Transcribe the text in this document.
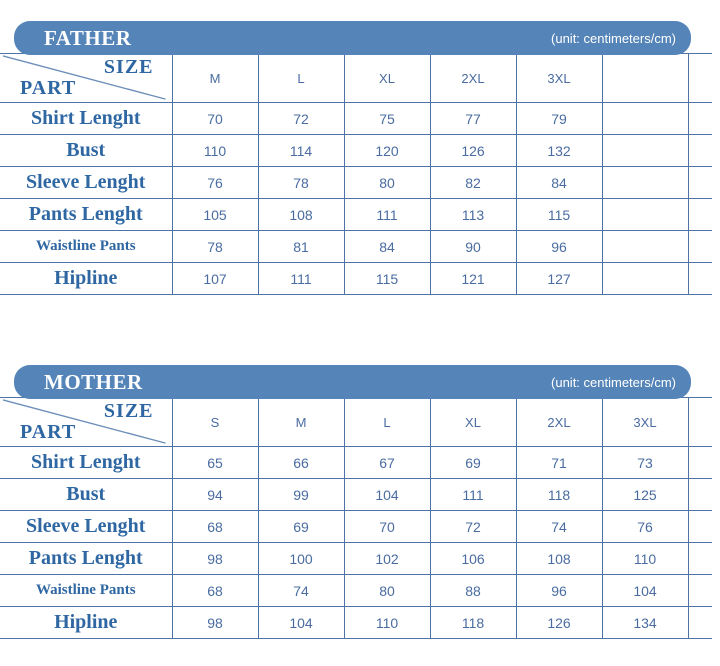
FATHER	(unit: centimeters/cm)
SIZE
PART	M	L	XL	2XL	3XL		
Shirt Lenght	70	72	75	77	79		
Bust	110	114	120	126	132		
Sleeve Lenght	76	78	80	82	84		
Pants Lenght	105	108	111	113	115		
Waistline Pants	78	81	84	90	96		
Hipline	107	111	115	121	127		
MOTHER	(unit: centimeters/cm)
SIZE
PART	S	M	L	XL	2XL	3XL	
Shirt Lenght	65	66	67	69	71	73	
Bust	94	99	104	111	118	125	
Sleeve Lenght	68	69	70	72	74	76	
Pants Lenght	98	100	102	106	108	110	
Waistline Pants	68	74	80	88	96	104	
Hipline	98	104	110	118	126	134	
